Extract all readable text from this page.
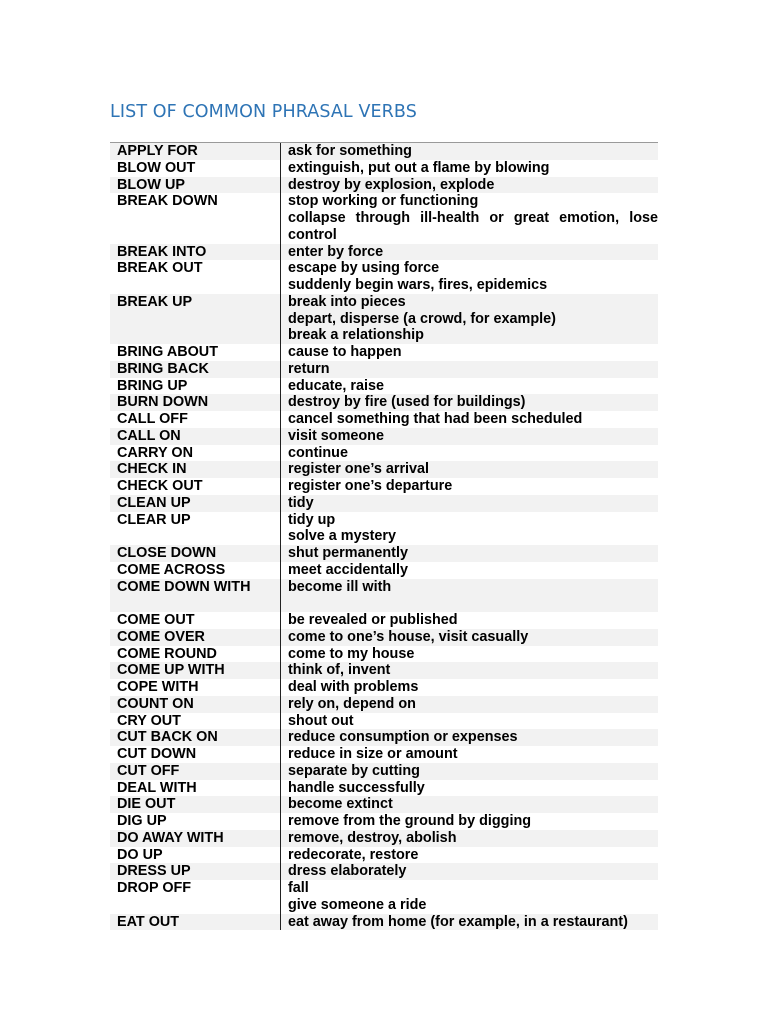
LIST OF COMMON PHRASAL VERBS
APPLY FOR	ask for something
BLOW OUT	extinguish, put out a flame by blowing
BLOW UP	destroy by explosion, explode
BREAK DOWN	stop working or functioning
collapse through ill-health or great emotion, lose
control
BREAK INTO	enter by force
BREAK OUT	escape by using force
suddenly begin wars, fires, epidemics
BREAK UP	break into pieces
depart, disperse (a crowd, for example)
break a relationship
BRING ABOUT	cause to happen
BRING BACK	return
BRING UP	educate, raise
BURN DOWN	destroy by fire (used for buildings)
CALL OFF	cancel something that had been scheduled
CALL ON	visit someone
CARRY ON	continue
CHECK IN	register one’s arrival
CHECK OUT	register one’s departure
CLEAN UP	tidy
CLEAR UP	tidy up
solve a mystery
CLOSE DOWN	shut permanently
COME ACROSS	meet accidentally
COME DOWN WITH	become ill with
COME OUT	be revealed or published
COME OVER	come to one’s house, visit casually
COME ROUND	come to my house
COME UP WITH	think of, invent
COPE WITH	deal with problems
COUNT ON	rely on, depend on
CRY OUT	shout out
CUT BACK ON	reduce consumption or expenses
CUT DOWN	reduce in size or amount
CUT OFF	separate by cutting
DEAL WITH	handle successfully
DIE OUT	become extinct
DIG UP	remove from the ground by digging
DO AWAY WITH	remove, destroy, abolish
DO UP	redecorate, restore
DRESS UP	dress elaborately
DROP OFF	fall
give someone a ride
EAT OUT	eat away from home (for example, in a restaurant)
